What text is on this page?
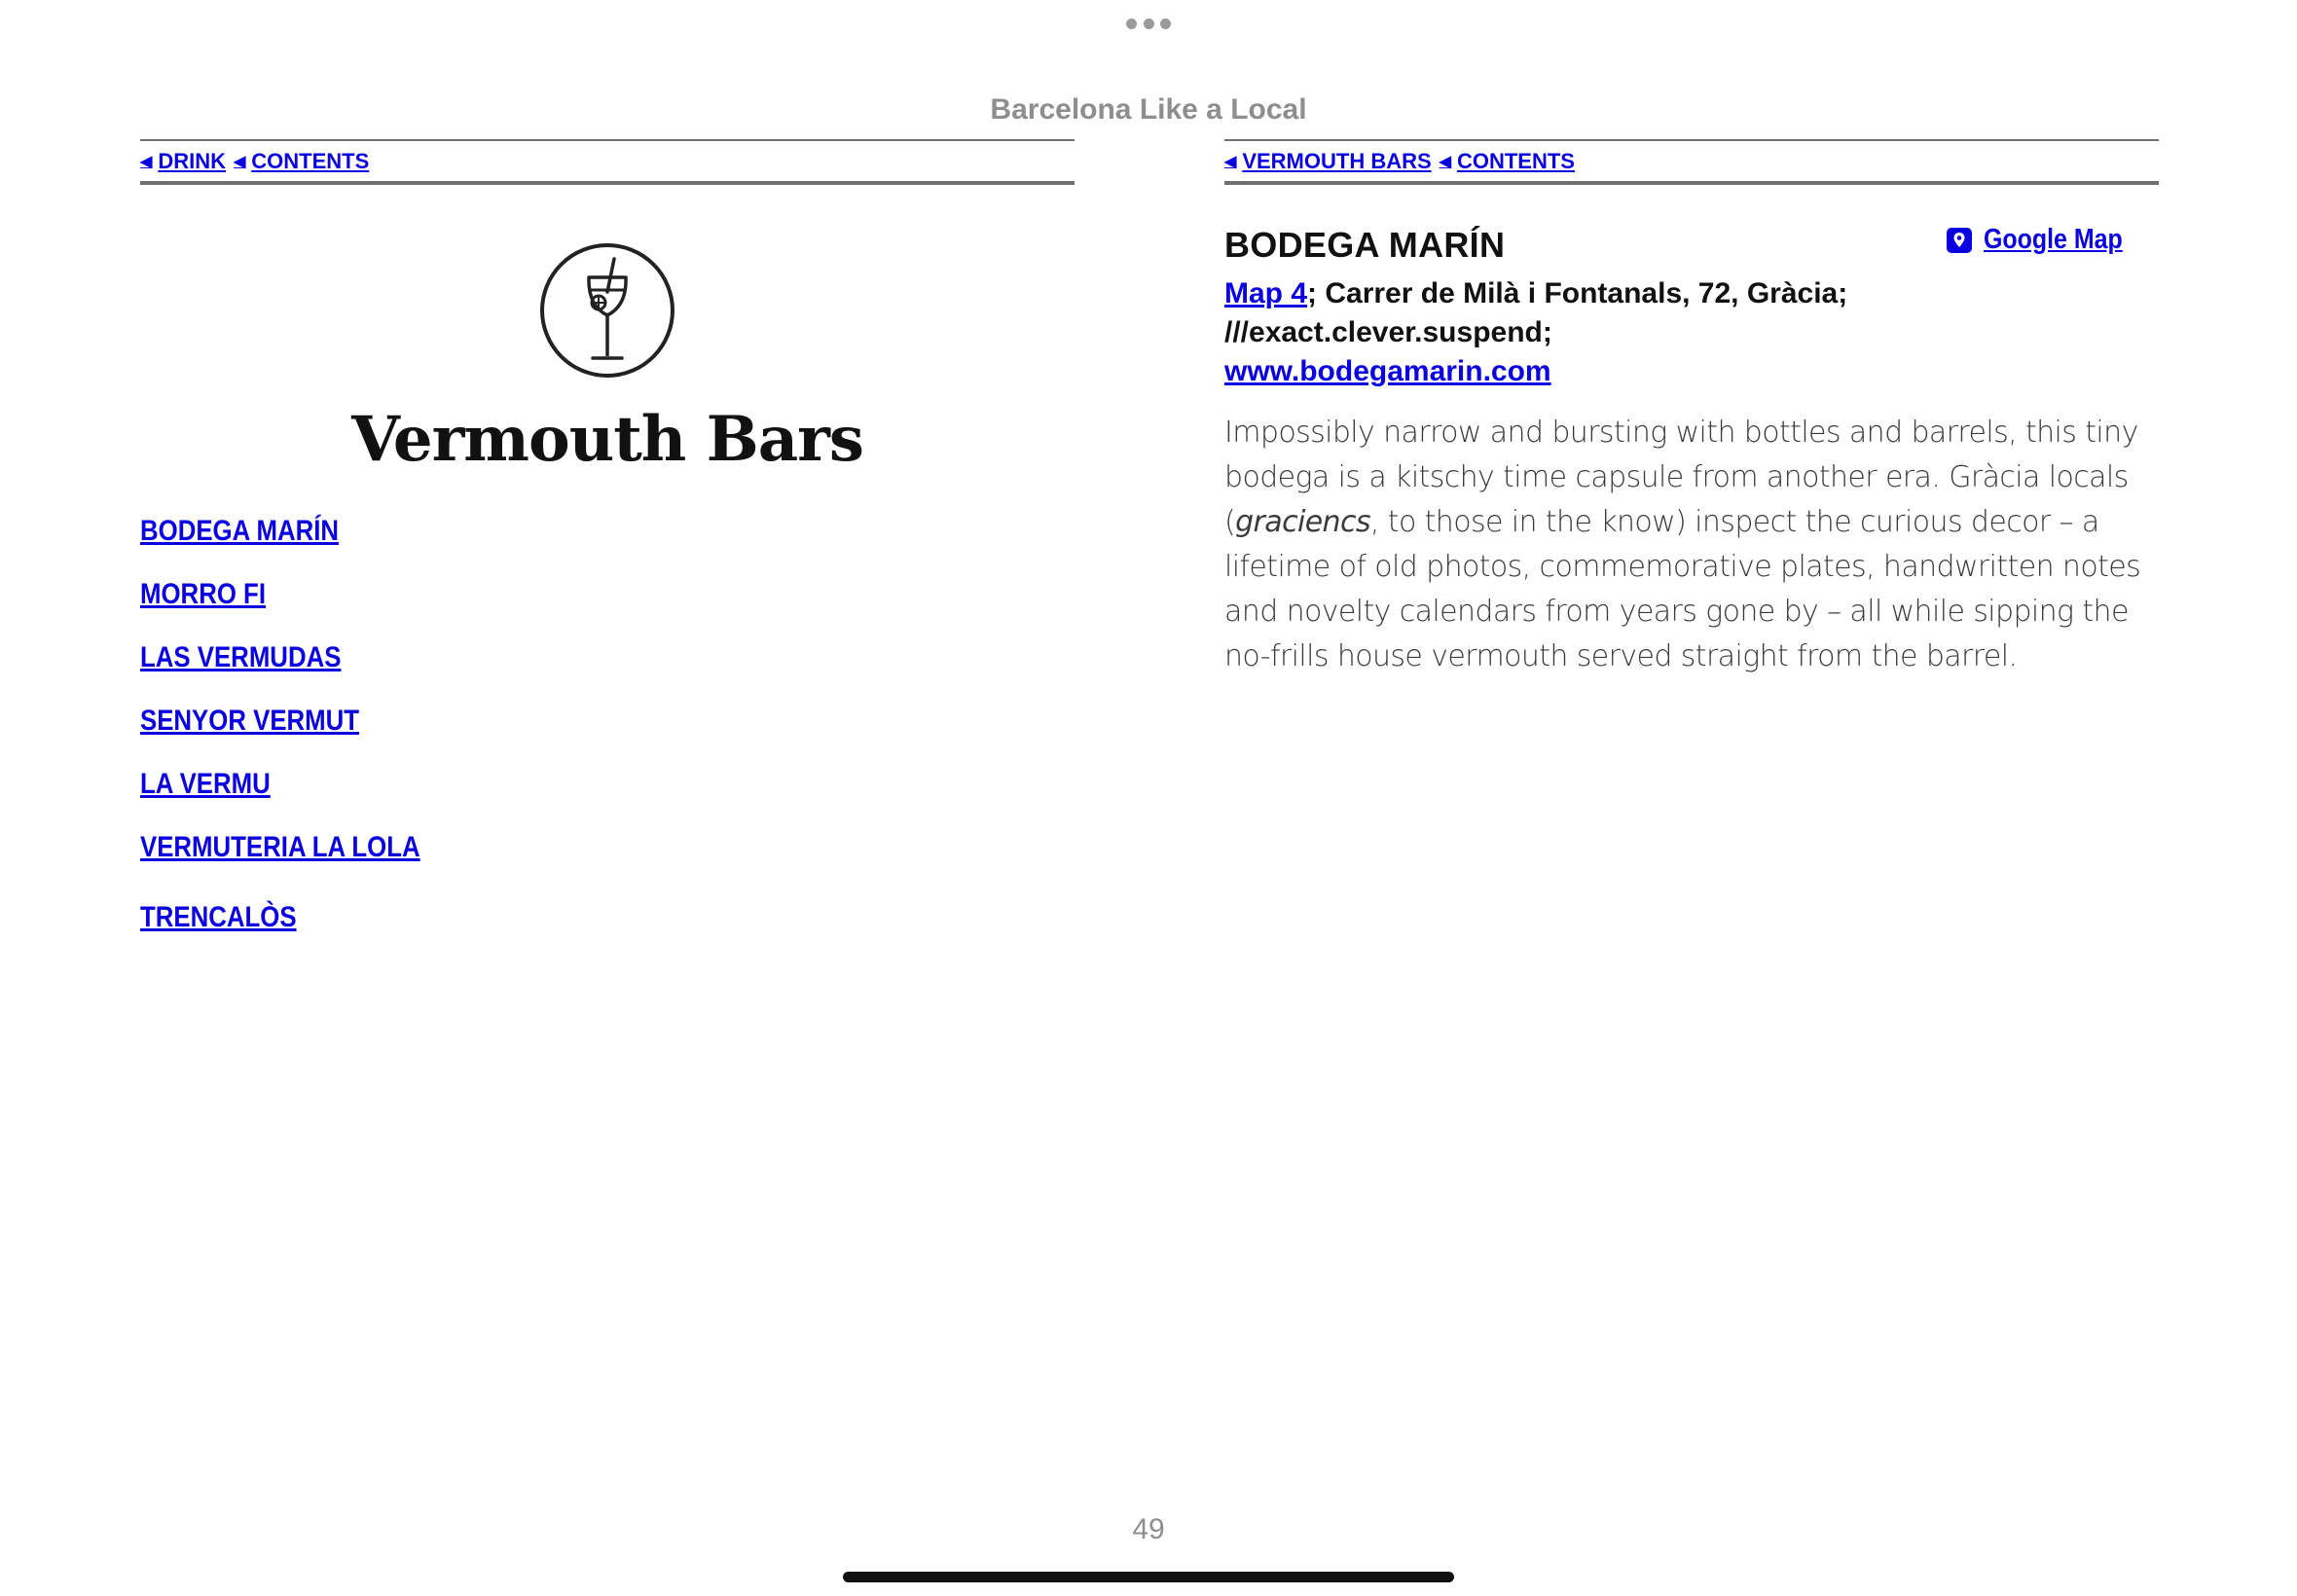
Barcelona Like a Local
◀ DRINK ◀ CONTENTS
Vermouth Bars
BODEGA MARÍN
MORRO FI
LAS VERMUDAS
SENYOR VERMUT
LA VERMU
VERMUTERIA LA LOLA
TRENCALÒS
◀ VERMOUTH BARS ◀ CONTENTS
BODEGA MARÍN	Google Map
Map 4; Carrer de Milà i Fontanals, 72, Gràcia; ///exact.clever.suspend;
www.bodegamarin.com
Impossibly narrow and bursting with bottles and barrels, this tiny bodega is a kitschy time capsule from another era. Gràcia locals (graciencs, to those in the know) inspect the curious decor – a lifetime of old photos, commemorative plates, handwritten notes and novelty calendars from years gone by – all while sipping the no-frills house vermouth served straight from the barrel.
49
